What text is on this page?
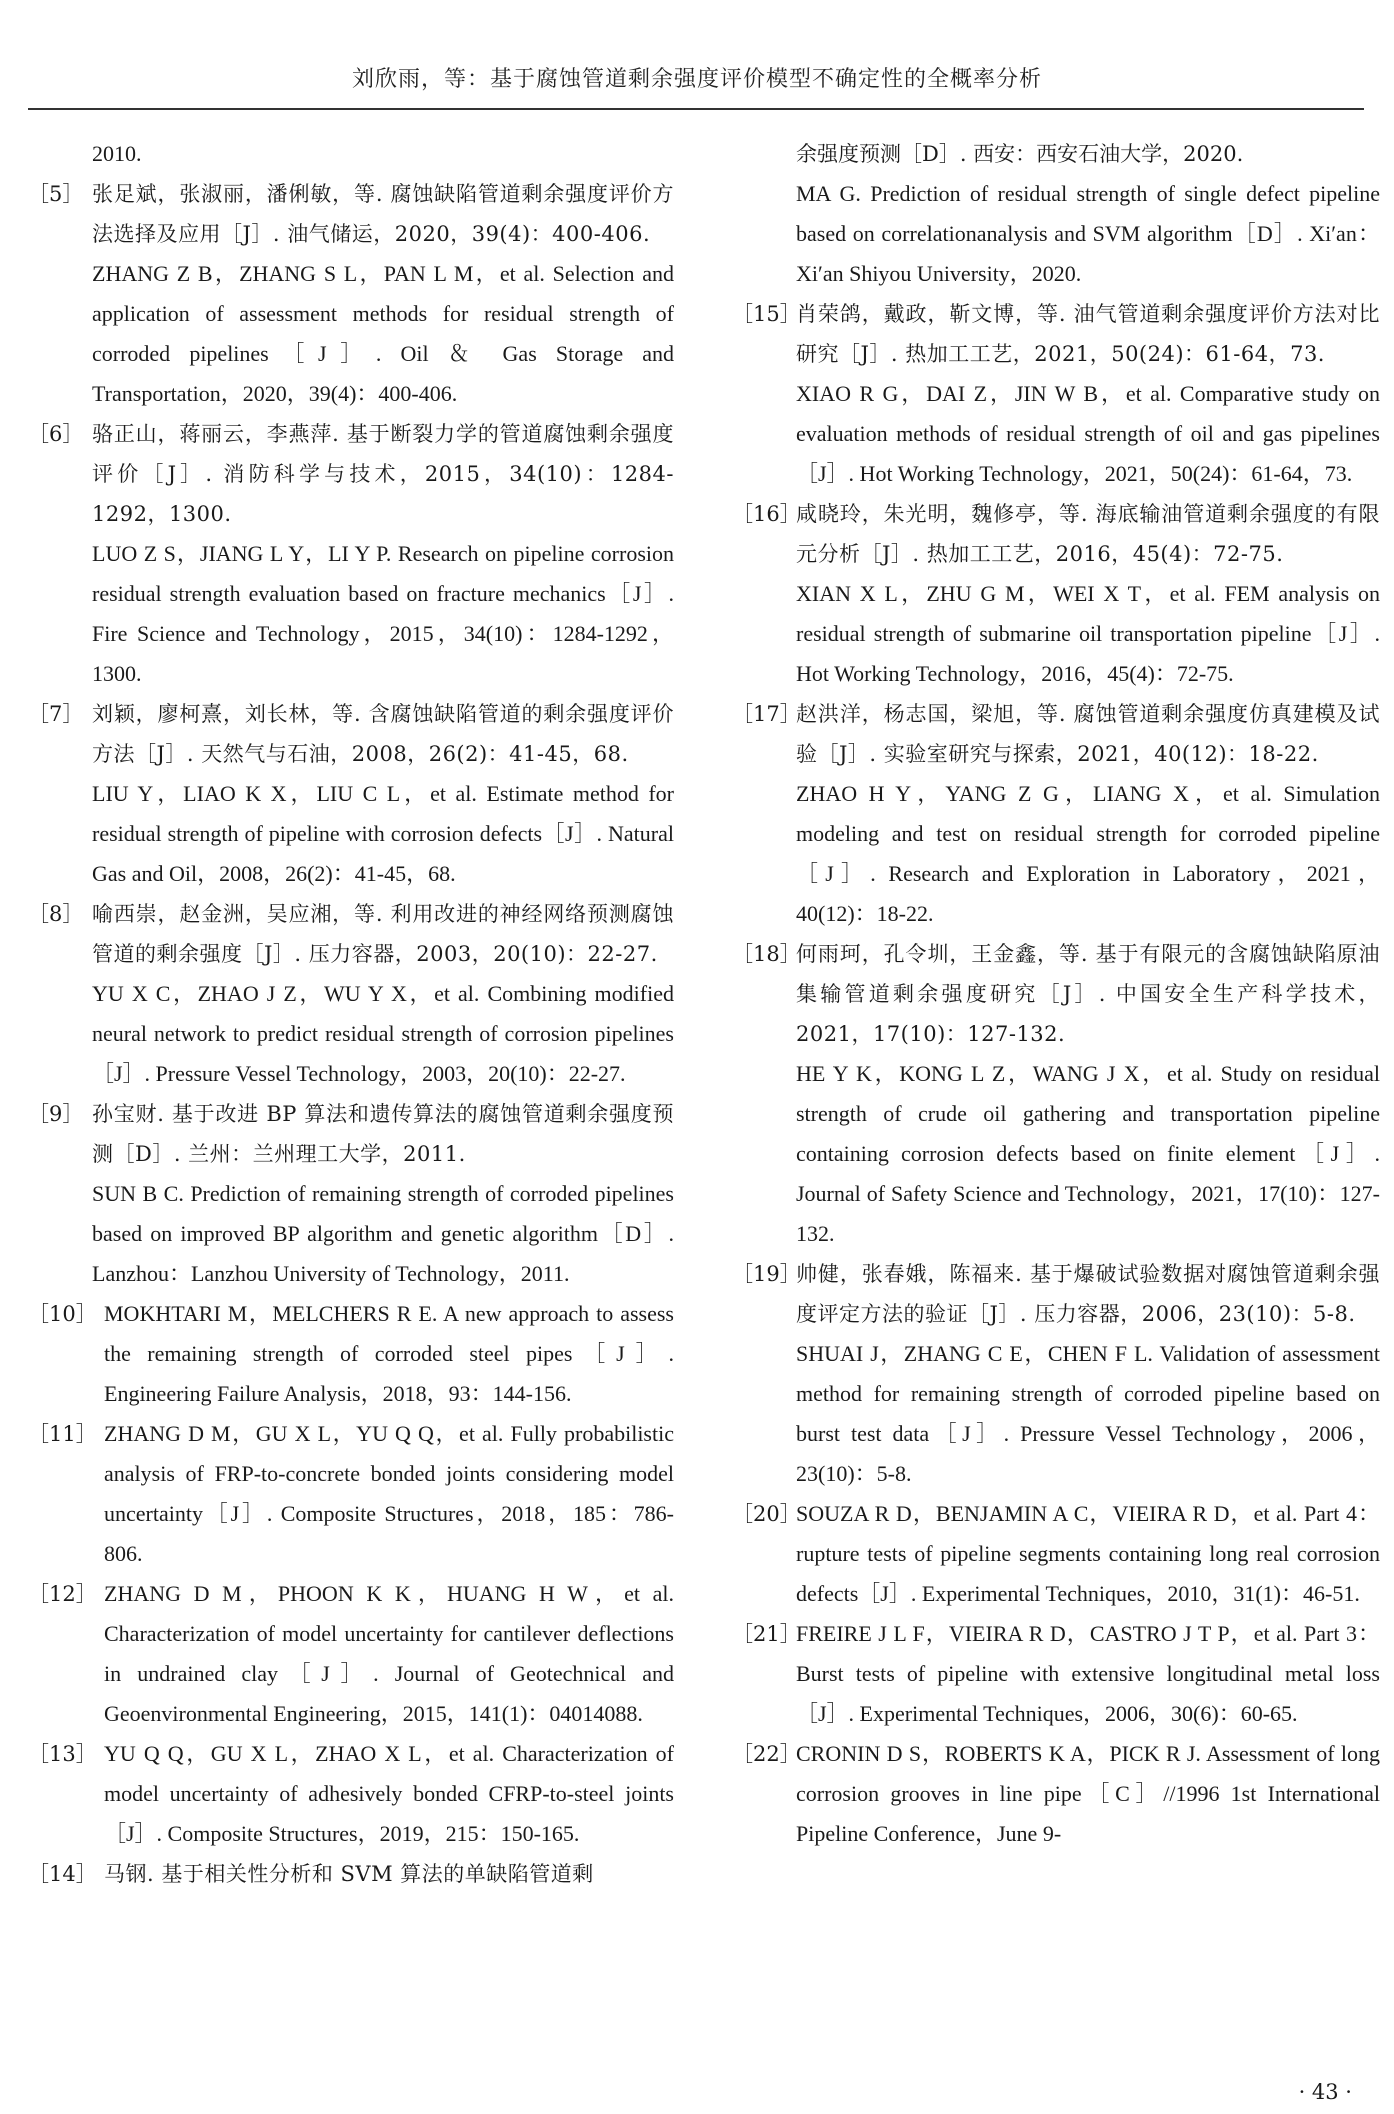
刘欣雨，等：基于腐蚀管道剩余强度评价模型不确定性的全概率分析

2010.

［5］ 张足斌，张淑丽，潘俐敏，等. 腐蚀缺陷管道剩余强度评价方法选择及应用［J］. 油气储运，2020，39(4)：400-406.

ZHANG Z B，ZHANG S L，PAN L M，et al. Selection and application of assessment methods for residual strength of corroded pipelines［J］. Oil ＆ Gas Storage and Transportation，2020，39(4)：400-406.

［6］ 骆正山，蒋丽云，李燕萍. 基于断裂力学的管道腐蚀剩余强度评价［J］. 消防科学与技术，2015，34(10)：1284-1292，1300.

LUO Z S，JIANG L Y，LI Y P. Research on pipeline corrosion residual strength evaluation based on fracture mechanics［J］. Fire Science and Technology，2015，34(10)：1284-1292，1300.

［7］ 刘颖，廖柯熹，刘长林，等. 含腐蚀缺陷管道的剩余强度评价方法［J］. 天然气与石油，2008，26(2)：41-45，68.

LIU Y，LIAO K X，LIU C L，et al. Estimate method for residual strength of pipeline with corrosion defects［J］. Natural Gas and Oil，2008，26(2)：41-45，68.

［8］ 喻西崇，赵金洲，吴应湘，等. 利用改进的神经网络预测腐蚀管道的剩余强度［J］. 压力容器，2003，20(10)：22-27.

YU X C，ZHAO J Z，WU Y X，et al. Combining modified neural network to predict residual strength of corrosion pipelines［J］. Pressure Vessel Technology，2003，20(10)：22-27.

［9］ 孙宝财. 基于改进 BP 算法和遗传算法的腐蚀管道剩余强度预测［D］. 兰州：兰州理工大学，2011.

SUN B C. Prediction of remaining strength of corroded pipelines based on improved BP algorithm and genetic algorithm［D］. Lanzhou：Lanzhou University of Technology，2011.

［10］ MOKHTARI M，MELCHERS R E. A new approach to assess the remaining strength of corroded steel pipes［J］. Engineering Failure Analysis，2018，93：144-156.

［11］ ZHANG D M，GU X L，YU Q Q，et al. Fully probabilistic analysis of FRP-to-concrete bonded joints considering model uncertainty［J］. Composite Structures，2018，185：786-806.

［12］ ZHANG D M，PHOON K K，HUANG H W，et al. Characterization of model uncertainty for cantilever deflections in undrained clay［J］. Journal of Geotechnical and Geoenvironmental Engineering，2015，141(1)：04014088.

［13］ YU Q Q，GU X L，ZHAO X L，et al. Characterization of model uncertainty of adhesively bonded CFRP-to-steel joints［J］. Composite Structures，2019，215：150-165.

［14］ 马钢. 基于相关性分析和 SVM 算法的单缺陷管道剩

余强度预测［D］. 西安：西安石油大学，2020.

MA G. Prediction of residual strength of single defect pipeline based on correlationanalysis and SVM algorithm［D］. Xi′an：Xi′an Shiyou University，2020.

［15］

肖荣鸽，戴政，靳文博，等. 油气管道剩余强度评价方法对比研究［J］. 热加工工艺，2021，50(24)：61-64，73.

XIAO R G，DAI Z，JIN W B，et al. Comparative study on evaluation methods of residual strength of oil and gas pipelines［J］. Hot Working Technology，2021，50(24)：61-64，73.

［16］

咸晓玲，朱光明，魏修亭，等. 海底输油管道剩余强度的有限元分析［J］. 热加工工艺，2016，45(4)：72-75.

XIAN X L，ZHU G M，WEI X T，et al. FEM analysis on residual strength of submarine oil transportation pipeline［J］. Hot Working Technology，2016，45(4)：72-75.

［17］

赵洪洋，杨志国，梁旭，等. 腐蚀管道剩余强度仿真建模及试验［J］. 实验室研究与探索，2021，40(12)：18-22.

ZHAO H Y，YANG Z G，LIANG X，et al. Simulation modeling and test on residual strength for corroded pipeline［J］. Research and Exploration in Laboratory，2021，40(12)：18-22.

［18］

何雨珂，孔令圳，王金鑫，等. 基于有限元的含腐蚀缺陷原油集输管道剩余强度研究［J］. 中国安全生产科学技术，2021，17(10)：127-132.

HE Y K，KONG L Z，WANG J X，et al. Study on residual strength of crude oil gathering and transportation pipeline containing corrosion defects based on finite element［J］. Journal of Safety Science and Technology，2021，17(10)：127-132.

［19］

帅健，张春娥，陈福来. 基于爆破试验数据对腐蚀管道剩余强度评定方法的验证［J］. 压力容器，2006，23(10)：5-8.

SHUAI J，ZHANG C E，CHEN F L. Validation of assessment method for remaining strength of corroded pipeline based on burst test data［J］. Pressure Vessel Technology，2006，23(10)：5-8.

［20］

SOUZA R D，BENJAMIN A C，VIEIRA R D，et al. Part 4：rupture tests of pipeline segments containing long real corrosion defects［J］. Experimental Techniques，2010，31(1)：46-51.

［21］

FREIRE J L F，VIEIRA R D，CASTRO J T P，et al. Part 3：Burst tests of pipeline with extensive longitudinal metal loss［J］. Experimental Techniques，2006，30(6)：60-65.

［22］

CRONIN D S，ROBERTS K A，PICK R J. Assessment of long corrosion grooves in line pipe［C］//1996 1st International Pipeline Conference，June 9-

· 43 ·
